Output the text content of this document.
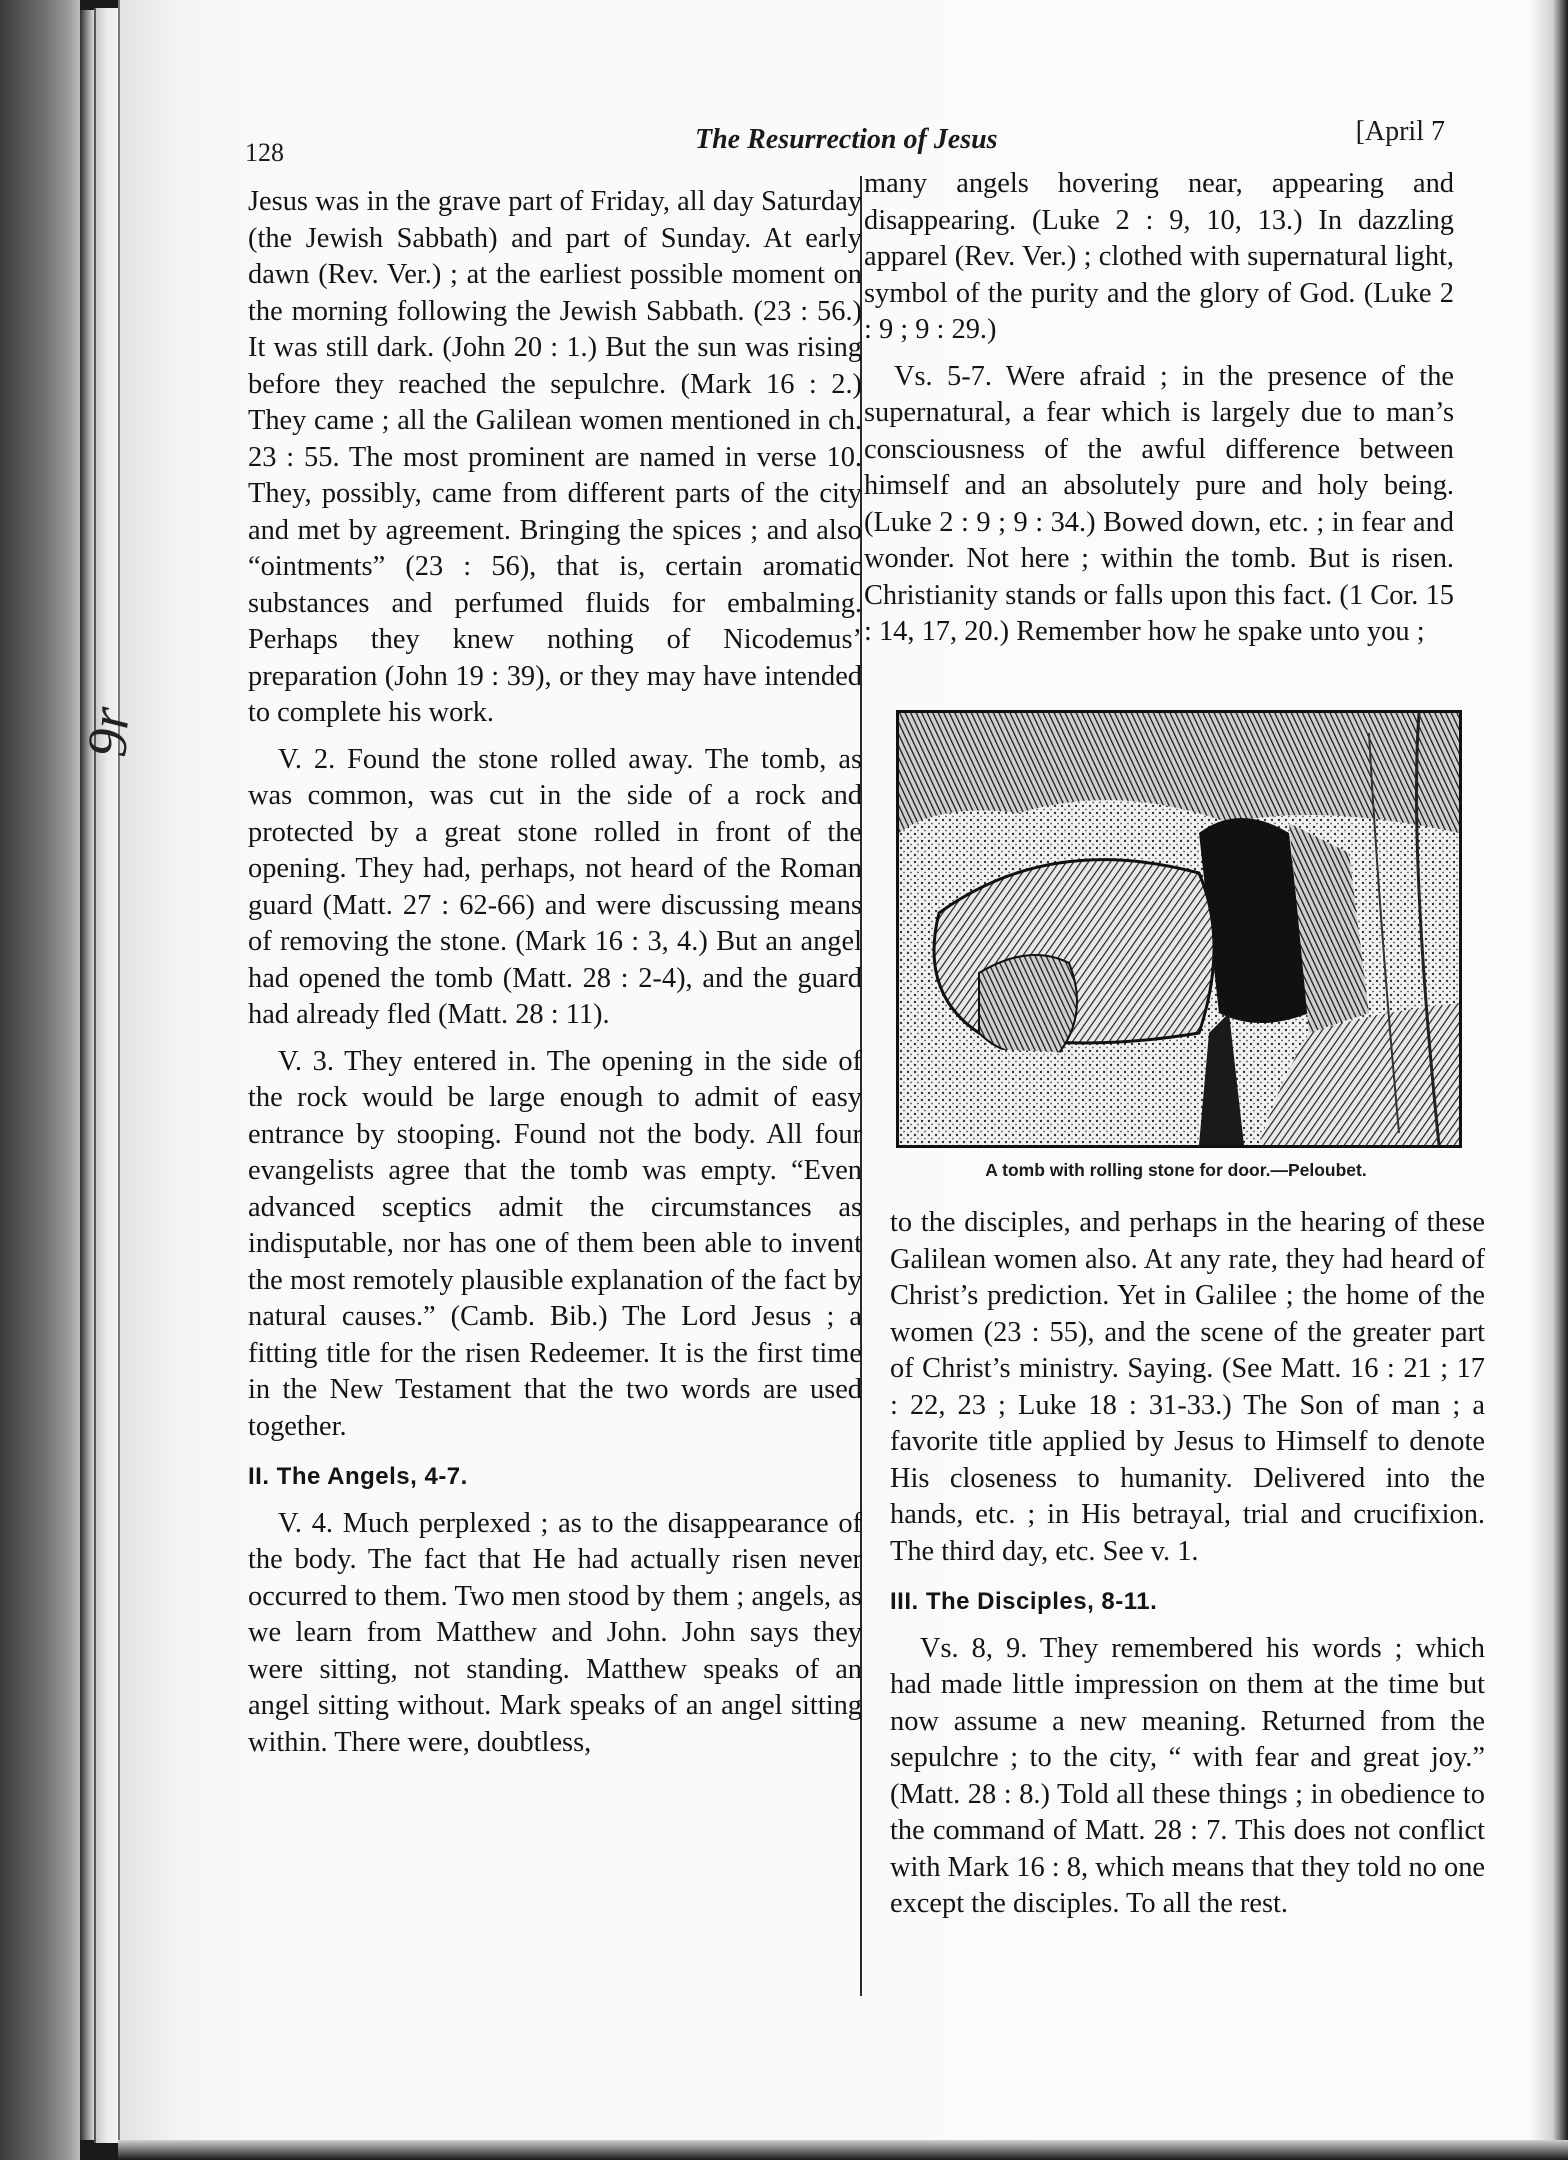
9r
128	The Resurrection of Jesus	[April 7

Jesus was in the grave part of Friday, all day Saturday (the Jewish Sabbath) and part of Sunday. At early dawn (Rev. Ver.) ; at the earliest possible moment on the morning following the Jewish Sabbath. (23 : 56.) It was still dark. (John 20 : 1.) But the sun was rising before they reached the sepulchre. (Mark 16 : 2.) They came ; all the Galilean women mentioned in ch. 23 : 55. The most prominent are named in verse 10. They, possibly, came from different parts of the city and met by agreement. Bringing the spices ; and also “ointments” (23 : 56), that is, certain aromatic substances and perfumed fluids for embalming. Perhaps they knew nothing of Nicodemus’ preparation (John 19 : 39), or they may have intended to complete his work.

V. 2. Found the stone rolled away. The tomb, as was common, was cut in the side of a rock and protected by a great stone rolled in front of the opening. They had, perhaps, not heard of the Roman guard (Matt. 27 : 62-66) and were discussing means of removing the stone. (Mark 16 : 3, 4.) But an angel had opened the tomb (Matt. 28 : 2-4), and the guard had already fled (Matt. 28 : 11).

V. 3. They entered in. The opening in the side of the rock would be large enough to admit of easy entrance by stooping. Found not the body. All four evangelists agree that the tomb was empty. “Even advanced sceptics admit the circumstances as indisputable, nor has one of them been able to invent the most remotely plausible explanation of the fact by natural causes.” (Camb. Bib.) The Lord Jesus ; a fitting title for the risen Redeemer. It is the first time in the New Testament that the two words are used together.

II. The Angels, 4-7.

V. 4. Much perplexed ; as to the disappearance of the body. The fact that He had actually risen never occurred to them. Two men stood by them ; angels, as we learn from Matthew and John. John says they were sitting, not standing. Matthew speaks of an angel sitting without. Mark speaks of an angel sitting within. There were, doubtless,

many angels hovering near, appearing and disappearing. (Luke 2 : 9, 10, 13.) In dazzling apparel (Rev. Ver.) ; clothed with supernatural light, symbol of the purity and the glory of God. (Luke 2 : 9 ; 9 : 29.)

Vs. 5-7. Were afraid ; in the presence of the supernatural, a fear which is largely due to man’s consciousness of the awful difference between himself and an absolutely pure and holy being. (Luke 2 : 9 ; 9 : 34.) Bowed down, etc. ; in fear and wonder. Not here ; within the tomb. But is risen. Christianity stands or falls upon this fact. (1 Cor. 15 : 14, 17, 20.) Remember how he spake unto you ;

A tomb with rolling stone for door.—Peloubet.

to the disciples, and perhaps in the hearing of these Galilean women also. At any rate, they had heard of Christ’s prediction. Yet in Galilee ; the home of the women (23 : 55), and the scene of the greater part of Christ’s ministry. Saying. (See Matt. 16 : 21 ; 17 : 22, 23 ; Luke 18 : 31-33.) The Son of man ; a favorite title applied by Jesus to Himself to denote His closeness to humanity. Delivered into the hands, etc. ; in His betrayal, trial and crucifixion. The third day, etc. See v. 1.

III. The Disciples, 8-11.

Vs. 8, 9. They remembered his words ; which had made little impression on them at the time but now assume a new meaning. Returned from the sepulchre ; to the city, “ with fear and great joy.” (Matt. 28 : 8.) Told all these things ; in obedience to the command of Matt. 28 : 7. This does not conflict with Mark 16 : 8, which means that they told no one except the disciples. To all the rest.
